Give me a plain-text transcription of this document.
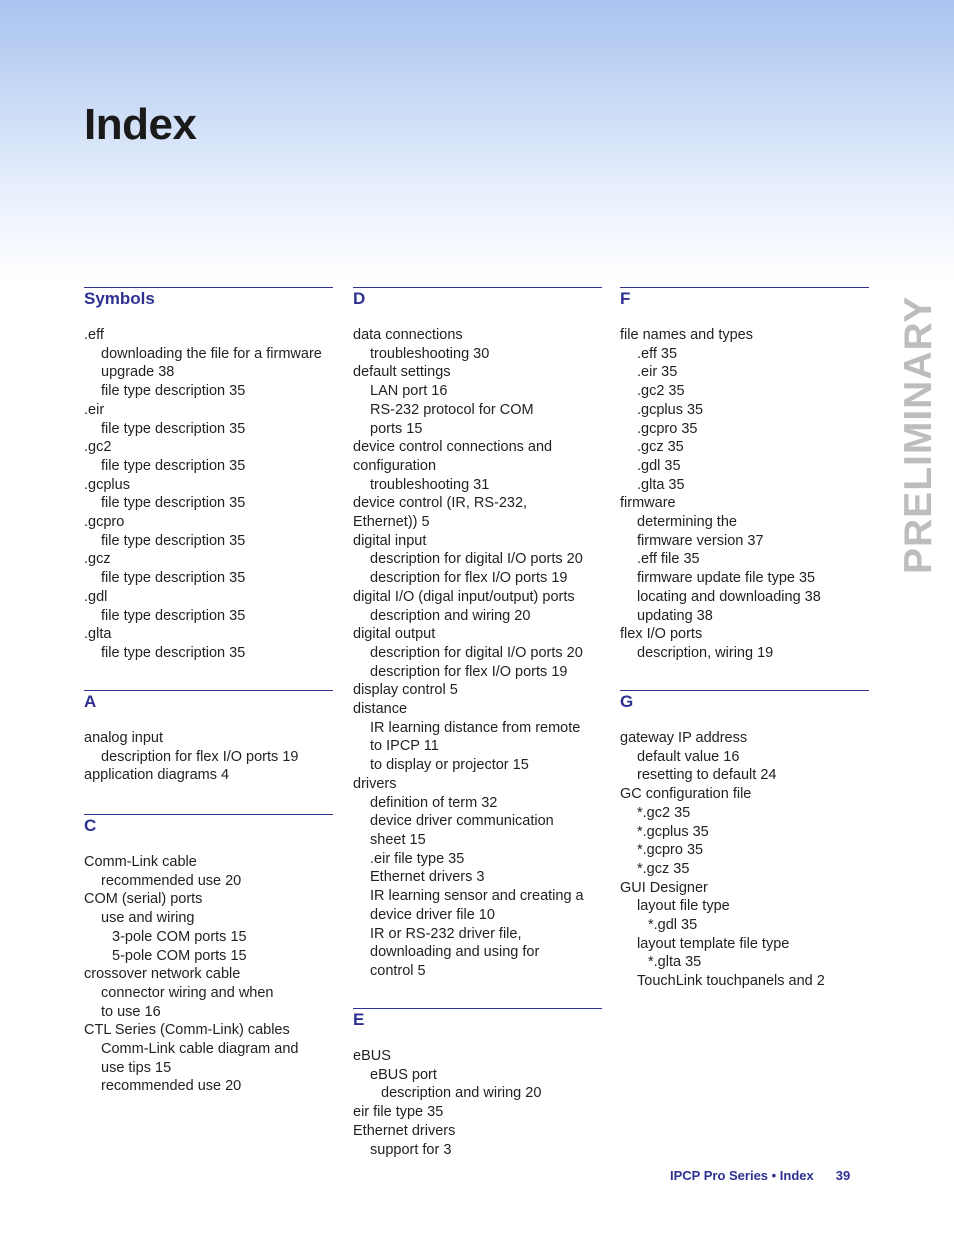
Index
PRELIMINARY
Symbols
.eff
downloading the file for a firmware
upgrade 38
file type description 35
.eir
file type description 35
.gc2
file type description 35
.gcplus
file type description 35
.gcpro
file type description 35
.gcz
file type description 35
.gdl
file type description 35
.glta
file type description 35
A
analog input
description for flex I/O ports 19
application diagrams 4
C
Comm-Link cable
recommended use 20
COM (serial) ports
use and wiring
3-pole COM ports 15
5-pole COM ports 15
crossover network cable
connector wiring and when
to use 16
CTL Series (Comm-Link) cables
Comm-Link cable diagram and
use tips 15
recommended use 20
D
data connections
troubleshooting 30
default settings
LAN port 16
RS-232 protocol for COM
ports 15
device control connections and
configuration
troubleshooting 31
device control (IR, RS-232,
Ethernet)) 5
digital input
description for digital I/O ports 20
description for flex I/O ports 19
digital I/O (digal input/output) ports
description and wiring 20
digital output
description for digital I/O ports 20
description for flex I/O ports 19
display control 5
distance
IR learning distance from remote
to IPCP 11
to display or projector 15
drivers
definition of term 32
device driver communication
sheet 15
.eir file type 35
Ethernet drivers 3
IR learning sensor and creating a
device driver file 10
IR or RS-232 driver file,
downloading and using for
control 5
E
eBUS
eBUS port
description and wiring 20
eir file type 35
Ethernet drivers
support for 3
F
file names and types
.eff 35
.eir 35
.gc2 35
.gcplus 35
.gcpro 35
.gcz 35
.gdl 35
.glta 35
firmware
determining the
firmware version 37
.eff file 35
firmware update file type 35
locating and downloading 38
updating 38
flex I/O ports
description, wiring 19
G
gateway IP address
default value 16
resetting to default 24
GC configuration file
*.gc2 35
*.gcplus 35
*.gcpro 35
*.gcz 35
GUI Designer
layout file type
*.gdl 35
layout template file type
*.glta 35
TouchLink touchpanels and 2
IPCP Pro Series • Index 39
